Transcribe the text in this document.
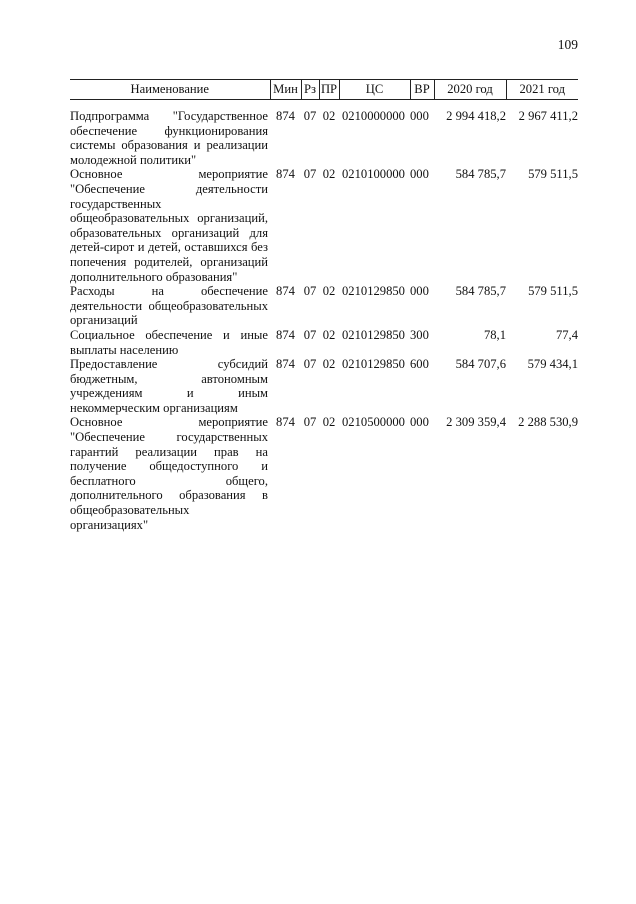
109
Наименование	Мин	Рз	ПР	ЦС	ВР	2020 год	2021 год
Подпрограмма "Государственное обеспечение функционирования системы образования и реализации молодежной политики"	874	07	02	0210000000	000	2 994 418,2	2 967 411,2
Основное мероприятие "Обеспечение деятельности государственных общеобразовательных организаций, образовательных организаций для детей-сирот и детей, оставшихся без попечения родителей, организаций дополнительного образования"	874	07	02	0210100000	000	584 785,7	579 511,5
Расходы на обеспечение деятельности общеобразовательных организаций	874	07	02	0210129850	000	584 785,7	579 511,5
Социальное обеспечение и иные выплаты населению	874	07	02	0210129850	300	78,1	77,4
Предоставление субсидий бюджетным, автономным учреждениям и иным некоммерческим организациям	874	07	02	0210129850	600	584 707,6	579 434,1
Основное мероприятие "Обеспечение государственных гарантий реализации прав на получение общедоступного и бесплатного общего, дополнительного образования в общеобразовательных организациях"	874	07	02	0210500000	000	2 309 359,4	2 288 530,9
